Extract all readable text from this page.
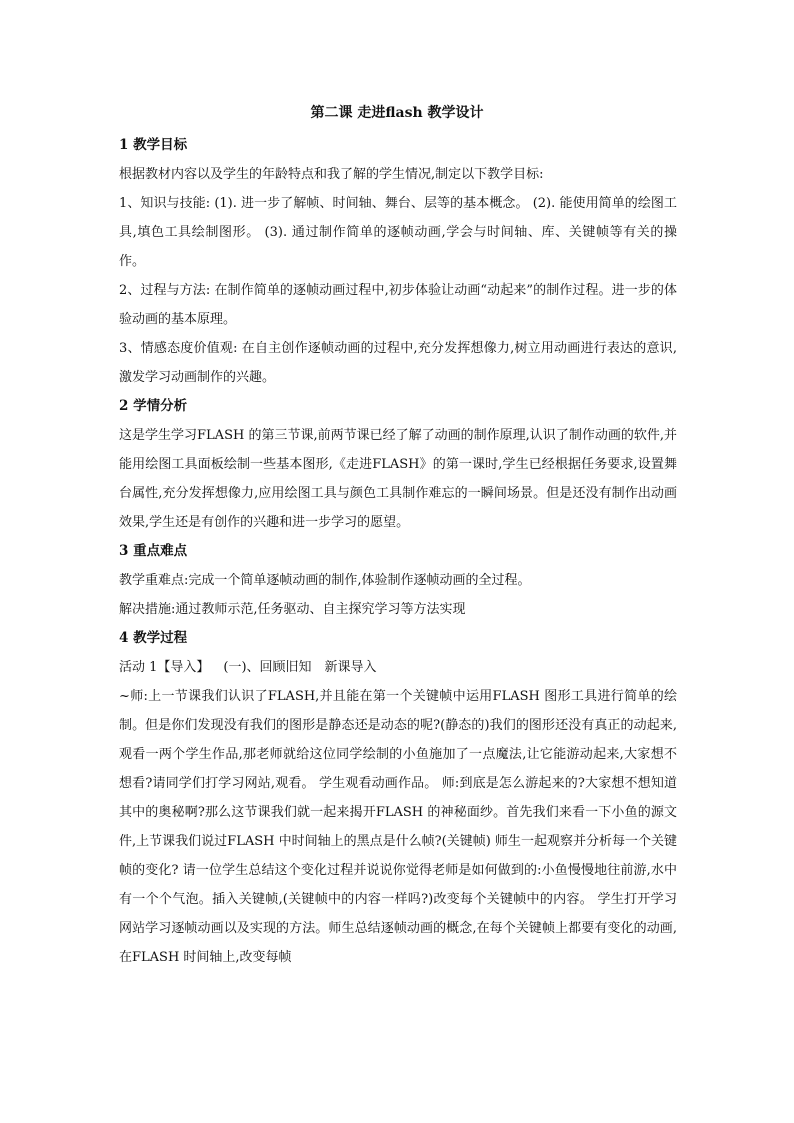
第二课 走进flash 教学设计
1 教学目标

根据教材内容以及学生的年龄特点和我了解的学生情况,制定以下教学目标:

1、知识与技能: (1). 进一步了解帧、时间轴、舞台、层等的基本概念。 (2). 能使用简单的绘图工具,填色工具绘制图形。 (3). 通过制作简单的逐帧动画,学会与时间轴、库、关键帧等有关的操作。

2、过程与方法: 在制作简单的逐帧动画过程中,初步体验让动画“动起来”的制作过程。进一步的体验动画的基本原理。

3、情感态度价值观: 在自主创作逐帧动画的过程中,充分发挥想像力,树立用动画进行表达的意识,激发学习动画制作的兴趣。

2 学情分析

这是学生学习FLASH 的第三节课,前两节课已经了解了动画的制作原理,认识了制作动画的软件,并能用绘图工具面板绘制一些基本图形,《走进FLASH》的第一课时,学生已经根据任务要求,设置舞台属性,充分发挥想像力,应用绘图工具与颜色工具制作难忘的一瞬间场景。但是还没有制作出动画效果,学生还是有创作的兴趣和进一步学习的愿望。

3 重点难点

教学重难点:完成一个简单逐帧动画的制作,体验制作逐帧动画的全过程。

解决措施:通过教师示范,任务驱动、自主探究学习等方法实现

4 教学过程

活动 1【导入】 (一)、回顾旧知　新课导入

~师:上一节课我们认识了FLASH,并且能在第一个关键帧中运用FLASH 图形工具进行简单的绘制。但是你们发现没有我们的图形是静态还是动态的呢?(静态的)我们的图形还没有真正的动起来,观看一两个学生作品,那老师就给这位同学绘制的小鱼施加了一点魔法,让它能游动起来,大家想不想看?请同学们打学习网站,观看。 学生观看动画作品。 师:到底是怎么游起来的?大家想不想知道其中的奥秘啊?那么这节课我们就一起来揭开FLASH 的神秘面纱。首先我们来看一下小鱼的源文件,上节课我们说过FLASH 中时间轴上的黑点是什么帧?(关键帧) 师生一起观察并分析每一个关键帧的变化? 请一位学生总结这个变化过程并说说你觉得老师是如何做到的:小鱼慢慢地往前游,水中有一个个气泡。插入关键帧,(关键帧中的内容一样吗?)改变每个关键帧中的内容。 学生打开学习网站学习逐帧动画以及实现的方法。师生总结逐帧动画的概念,在每个关键帧上都要有变化的动画,在FLASH 时间轴上,改变每帧
